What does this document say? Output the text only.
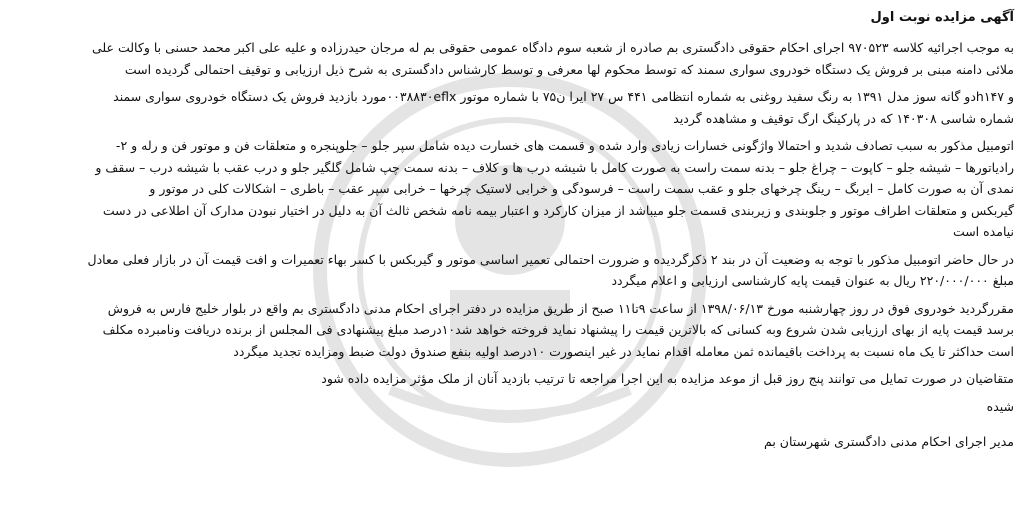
آگهی مزایده نوبت اول
به موجب اجرائیه کلاسه ۹۷۰۵۲۳ اجرای احکام حقوقی دادگستری بم صادره از شعبه سوم دادگاه عمومی حقوقی بم له مرجان حیدرزاده و علیه علی اکبر محمد حسنی با وکالت علی
ملائی دامنه مبنی بر فروش یک دستگاه خودروی سواری سمند که توسط محکوم لها معرفی و توسط کارشناس دادگستری به شرح ذیل ارزیابی و توقیف احتمالی گردیده است
و h۱۴۷دو گانه سوز مدل ۱۳۹۱ به رنگ سفید روغنی به شماره انتظامی ۴۴۱ س ۲۷ ایرا ن۷۵ با شماره موتور ۰۰۳۸۸۳۰eflxمورد بازدید فروش یک دستگاه خودروی سواری سمند
شماره شاسی ۱۴۰۳۰۸ که در پارکینگ ارگ توقیف و مشاهده گردید
اتومبیل مذکور به سبب تصادف شدید و احتمالا واژگونی خسارات زیادی وارد شده و قسمت های خسارت دیده شامل سپر جلو – جلوپنجره و متعلقات فن و موتور فن و رله و ۲-
رادیاتورها – شیشه جلو – کاپوت – چراغ جلو – بدنه سمت راست به صورت کامل با شیشه درب ها و کلاف – بدنه سمت چپ شامل گلگیر جلو و درب عقب با شیشه درب – سقف و
نمدی آن به صورت کامل – ایربگ – رینگ چرخهای جلو و عقب سمت راست – فرسودگی و خرابی لاستیک چرخها – خرابی سپر عقب – باطری – اشکالات کلی در موتور و
گیربکس و متعلقات اطراف موتور و جلوبندی و زیربندی قسمت جلو میباشد از میزان کارکرد و اعتبار بیمه نامه شخص ثالث آن به دلیل در اختیار نبودن مدارک آن اطلاعی در دست
نیامده است
در حال حاضر اتومبیل مذکور با توجه به وضعیت آن در بند ۲ ذکرگردیده و ضرورت احتمالی تعمیر اساسی موتور و گیربکس با کسر بهاء تعمیرات و افت قیمت آن در بازار فعلی معادل
مبلغ ۲۲۰/۰۰۰/۰۰۰ ریال به عنوان قیمت پایه کارشناسی ارزیابی و اعلام میگردد
مقررگردید خودروی فوق در روز چهارشنبه مورخ ۱۳۹۸/۰۶/۱۳ از ساعت ۹تا۱۱ صبح از طریق مزایده در دفتر اجرای احکام مدنی دادگستری بم واقع در بلوار خلیج فارس به فروش
برسد قیمت پایه از بهای ارزیابی شدن شروع وبه کسانی که بالاترین قیمت را پیشنهاد نماید فروخته خواهد شد۱۰درصد مبلغ پیشنهادی فی المجلس از برنده دریافت ونامبرده مکلف
است حداکثر تا یک ماه نسبت به پرداخت باقیمانده ثمن معامله اقدام نماید در غیر اینصورت ۱۰درصد اولیه بنفع صندوق دولت ضبط ومزایده تجدید میگردد
متقاضیان در صورت تمایل می توانند پنج روز قبل از موعد مزایده به این اجرا مراجعه تا ترتیب بازدید آنان از ملک مؤثر مزایده داده شود
شیده
مدیر اجرای احکام مدنی دادگستری شهرستان بم
